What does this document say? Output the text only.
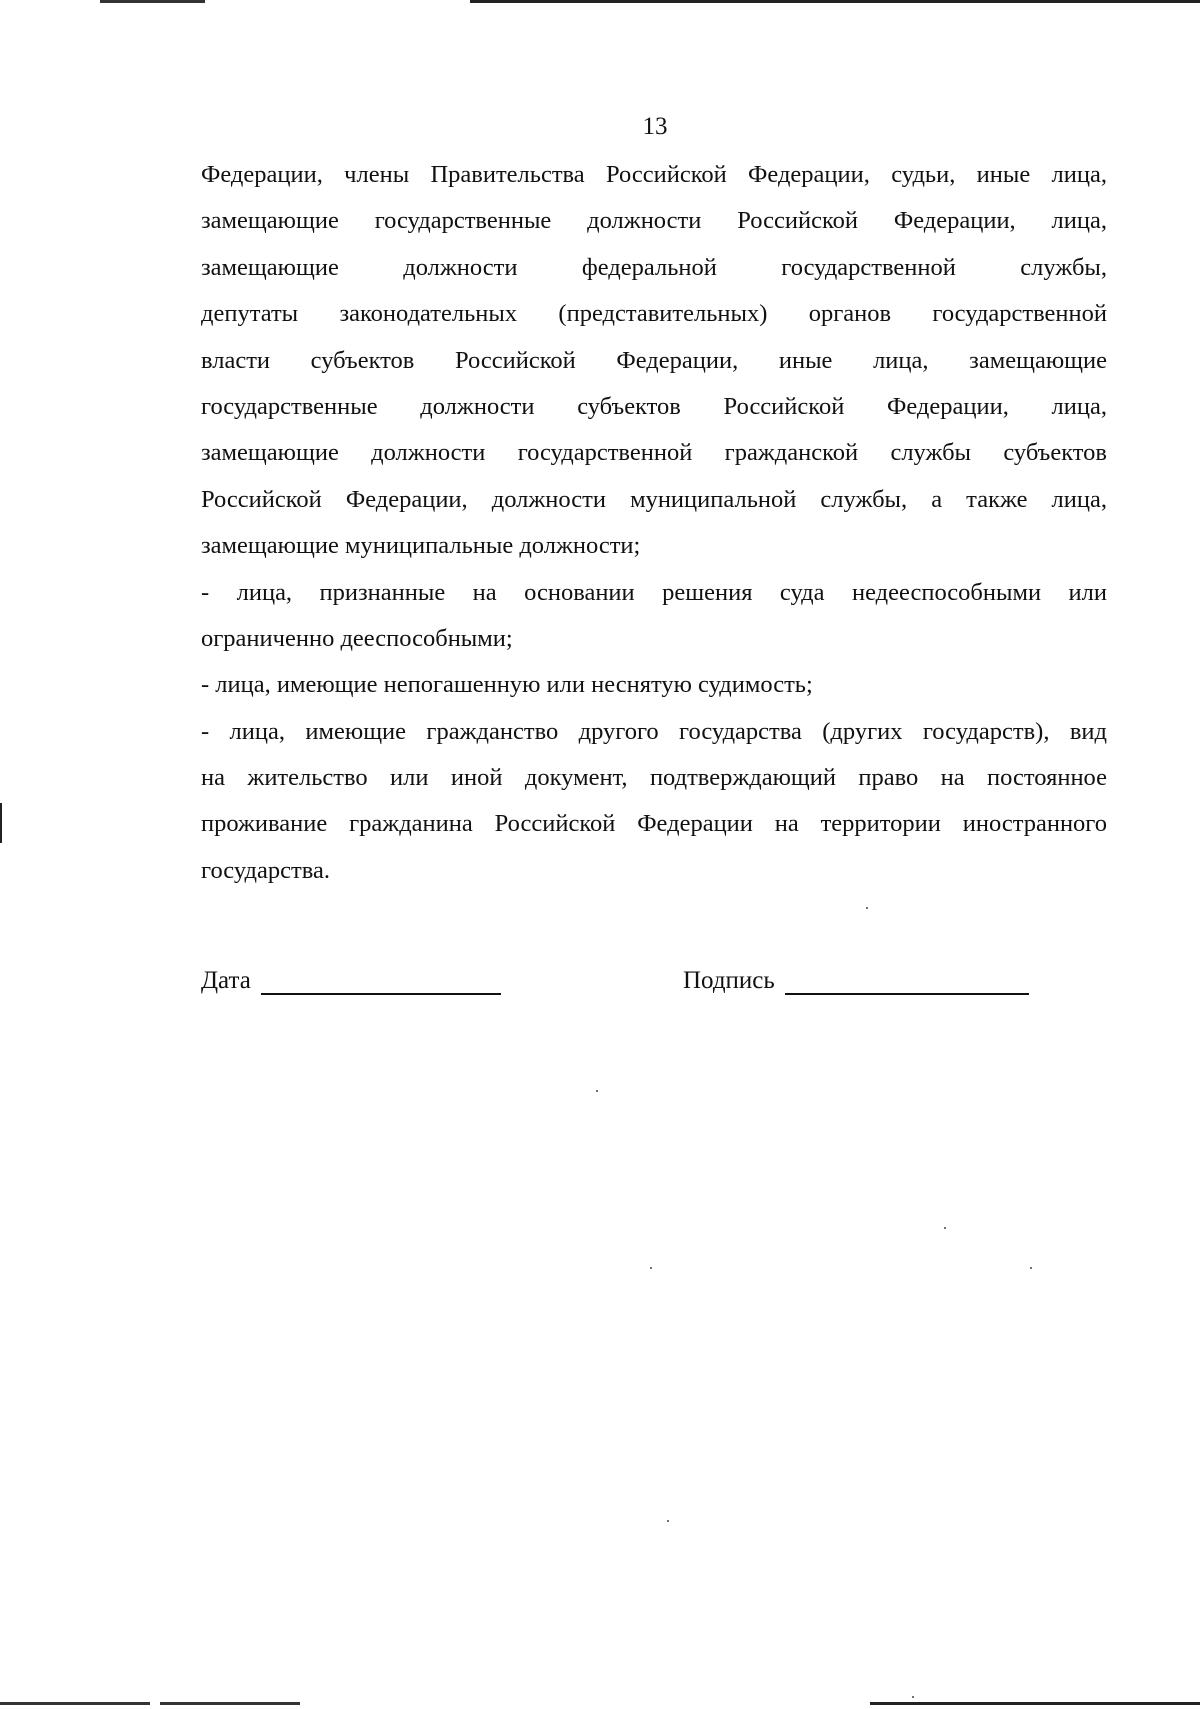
13
Федерации, члены Правительства Российской Федерации, судьи, иные лица,
замещающие государственные должности Российской Федерации, лица,
замещающие должности федеральной государственной службы,
депутаты законодательных (представительных) органов государственной
власти субъектов Российской Федерации, иные лица, замещающие
государственные должности субъектов Российской Федерации, лица,
замещающие должности государственной гражданской службы субъектов
Российской Федерации, должности муниципальной службы, а также лица,
замещающие муниципальные должности;
- лица, признанные на основании решения суда недееспособными или
ограниченно дееспособными;
- лица, имеющие непогашенную или неснятую судимость;
- лица, имеющие гражданство другого государства (других государств), вид
на жительство или иной документ, подтверждающий право на постоянное
проживание гражданина Российской Федерации на территории иностранного
государства.
Дата	Подпись
